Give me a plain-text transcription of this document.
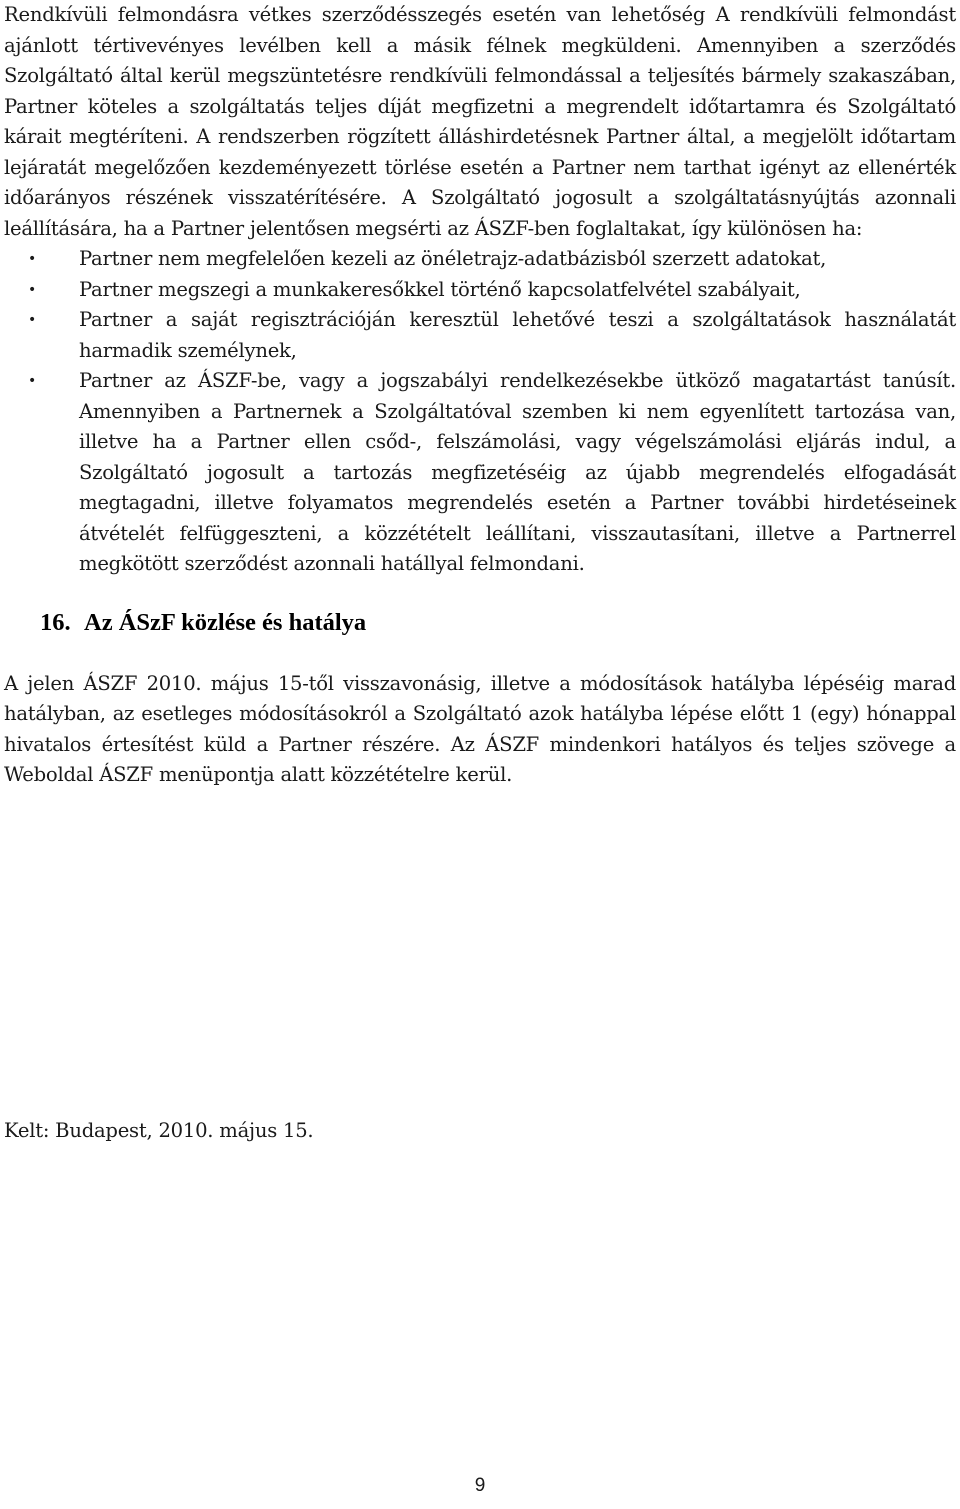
Rendkívüli felmondásra vétkes szerződésszegés esetén van lehetőség A rendkívüli felmondást ajánlott tértivevényes levélben kell a másik félnek megküldeni. Amennyiben a szerződés Szolgáltató által kerül megszüntetésre rendkívüli felmondással a teljesítés bármely szakaszában, Partner köteles a szolgáltatás teljes díját megfizetni a megrendelt időtartamra és Szolgáltató kárait megtéríteni. A rendszerben rögzített álláshirdetésnek Partner által, a megjelölt időtartam lejáratát megelőzően kezdeményezett törlése esetén a Partner nem tarthat igényt az ellenérték időarányos részének visszatérítésére. A Szolgáltató jogosult a szolgáltatásnyújtás azonnali leállítására, ha a Partner jelentősen megsérti az ÁSZF-ben foglaltakat, így különösen ha:

• Partner nem megfelelően kezeli az önéletrajz-adatbázisból szerzett adatokat,
• Partner megszegi a munkakeresőkkel történő kapcsolatfelvétel szabályait,
• Partner a saját regisztrációján keresztül lehetővé teszi a szolgáltatások használatát harmadik személynek,
• Partner az ÁSZF-be, vagy a jogszabályi rendelkezésekbe ütköző magatartást tanúsít. Amennyiben a Partnernek a Szolgáltatóval szemben ki nem egyenlített tartozása van, illetve ha a Partner ellen csőd-, felszámolási, vagy végelszámolási eljárás indul, a Szolgáltató jogosult a tartozás megfizetéséig az újabb megrendelés elfogadását megtagadni, illetve folyamatos megrendelés esetén a Partner további hirdetéseinek átvételét felfüggeszteni, a közzétételt leállítani, visszautasítani, illetve a Partnerrel megkötött szerződést azonnali hatállyal felmondani.
16. Az ÁSzF közlése és hatálya

A jelen ÁSZF 2010. május 15-től visszavonásig, illetve a módosítások hatályba lépéséig marad hatályban, az esetleges módosításokról a Szolgáltató azok hatályba lépése előtt 1 (egy) hónappal hivatalos értesítést küld a Partner részére. Az ÁSZF mindenkori hatályos és teljes szövege a Weboldal ÁSZF menüpontja alatt közzétételre kerül.

Kelt: Budapest, 2010. május 15.

9
